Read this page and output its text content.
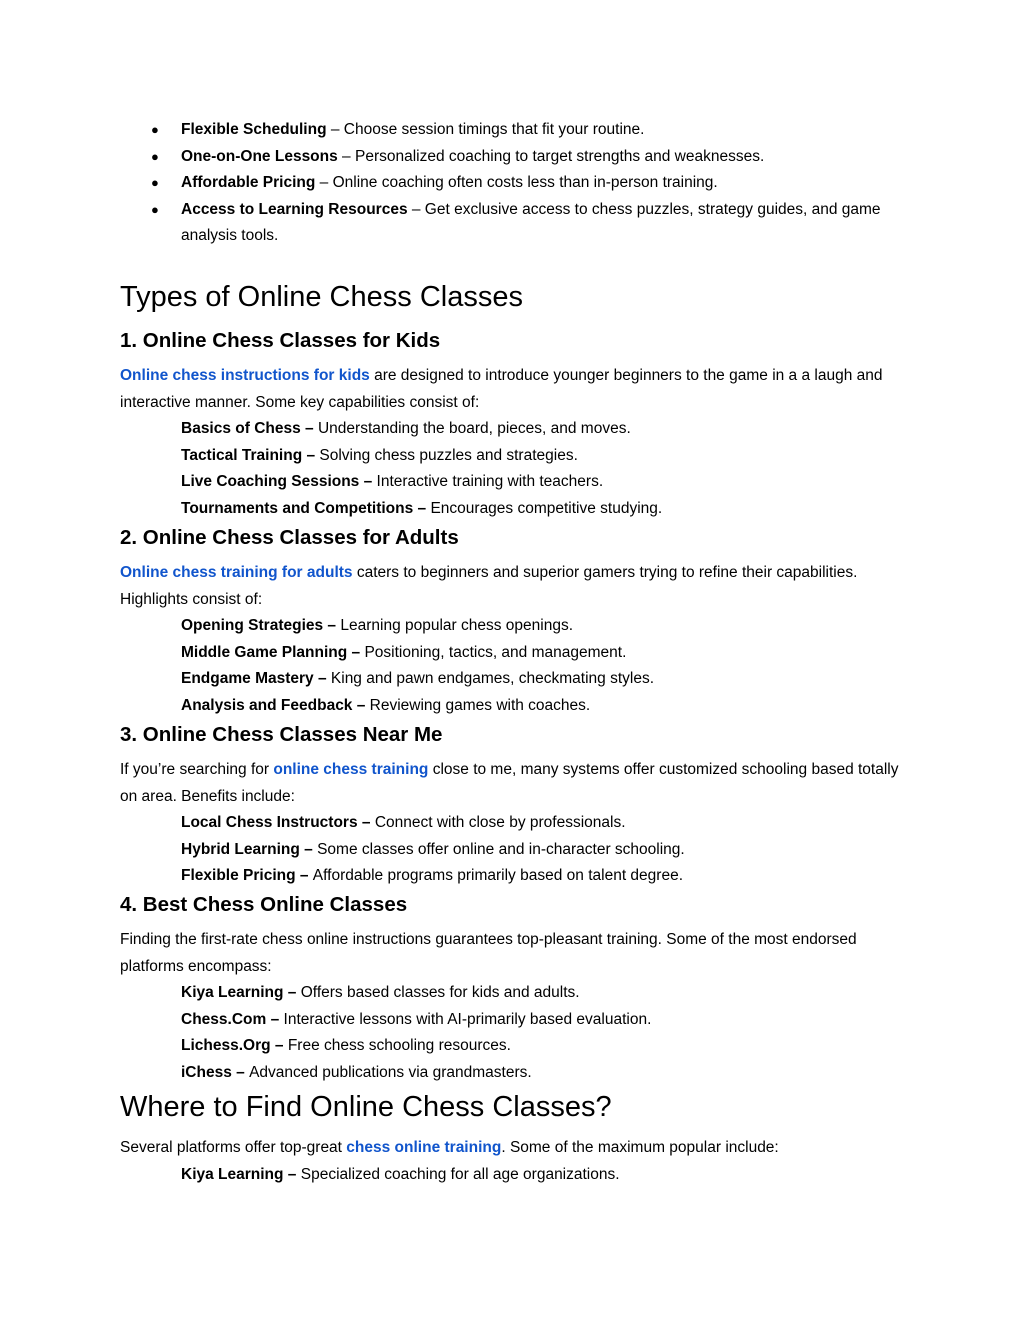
● Flexible Scheduling – Choose session timings that fit your routine.
● One-on-One Lessons – Personalized coaching to target strengths and weaknesses.
● Affordable Pricing – Online coaching often costs less than in-person training.
● Access to Learning Resources – Get exclusive access to chess puzzles, strategy guides, and game analysis tools.
Types of Online Chess Classes
1. Online Chess Classes for Kids

Online chess instructions for kids are designed to introduce younger beginners to the game in a a laugh and interactive manner. Some key capabilities consist of:

Basics of Chess – Understanding the board, pieces, and moves.
Tactical Training – Solving chess puzzles and strategies.
Live Coaching Sessions – Interactive training with teachers.
Tournaments and Competitions – Encourages competitive studying.
2. Online Chess Classes for Adults

Online chess training for adults caters to beginners and superior gamers trying to refine their capabilities. Highlights consist of:

Opening Strategies – Learning popular chess openings.
Middle Game Planning – Positioning, tactics, and management.
Endgame Mastery – King and pawn endgames, checkmating styles.
Analysis and Feedback – Reviewing games with coaches.
3. Online Chess Classes Near Me

If you’re searching for online chess training close to me, many systems offer customized schooling based totally on area. Benefits include:

Local Chess Instructors – Connect with close by professionals.
Hybrid Learning – Some classes offer online and in-character schooling.
Flexible Pricing – Affordable programs primarily based on talent degree.
4. Best Chess Online Classes

Finding the first-rate chess online instructions guarantees top-pleasant training. Some of the most endorsed platforms encompass:

Kiya Learning – Offers based classes for kids and adults.
Chess.Com – Interactive lessons with AI-primarily based evaluation.
Lichess.Org – Free chess schooling resources.
iChess – Advanced publications via grandmasters.
Where to Find Online Chess Classes?

Several platforms offer top-great chess online training. Some of the maximum popular include:

Kiya Learning – Specialized coaching for all age organizations.
